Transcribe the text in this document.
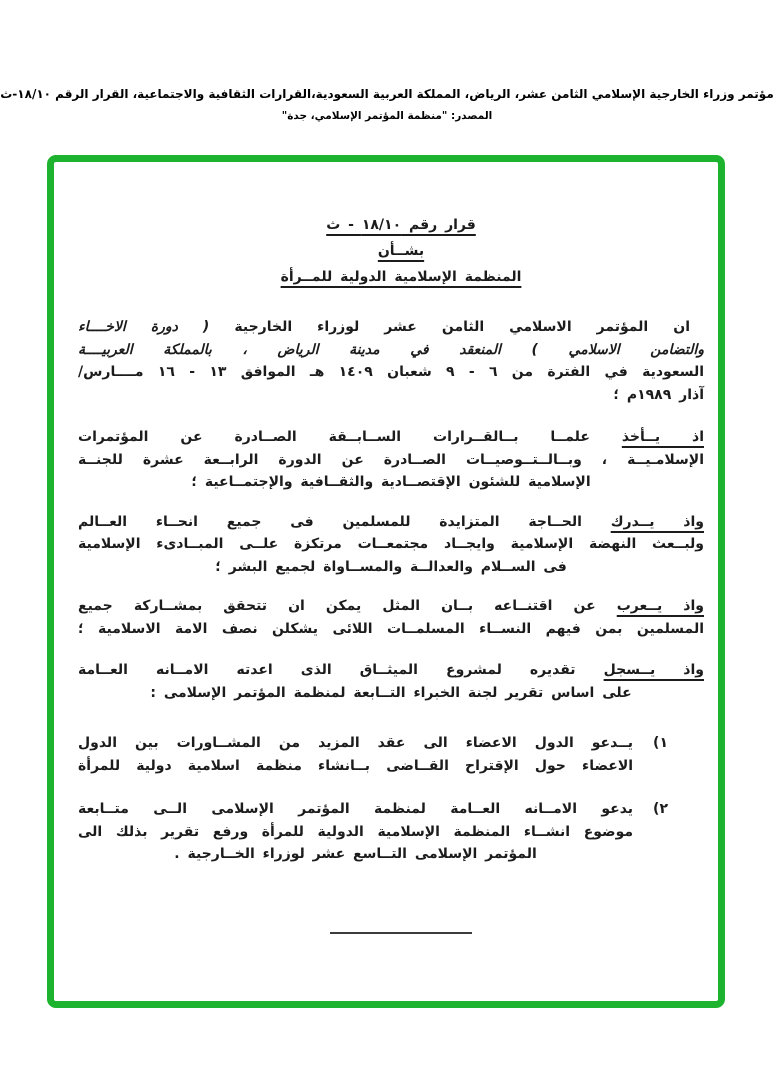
مؤتمر وزراء الخارجية الإسلامي الثامن عشر، الرياض، المملكة العربية السعودية،القرارات الثقافية والاجتماعية، القرار الرقم ١٨/١٠-ث
المصدر: "منظمة المؤتمر الإسلامي، جدة"
قرار رقم ١٨/١٠ - ث
بشــأن
المنظمة الإسلامية الدولية للمــرأة
ان المؤتمر الاسلامي الثامن عشر لوزراء الخارجية ( دورة الاخــــاء
والتضامن الاسلامي ) المنعقد في مدينة الرياض ، بالمملكة العربيــــة
السعودية في الفترة من ٦ - ٩ شعبان ١٤٠٩ هـ الموافق ١٣ - ١٦ مــــارس/
آذار ١٩٨٩م ؛
اذ يــأخذ علمــا بــالقــرارات الســابــقة الصــادرة عن المؤتمرات
الإسلامـيــة ، وبــالــتــوصيــات الصــادرة عن الدورة الرابــعة عشرة للجنــة
الإسلامية للشئون الإقتصــادية والثقــافية والإجتمــاعية ؛
واذ يــدرك الحــاجة المتزايدة للمسلمين فى جميع انحــاء العــالم
ولبــعث النهضة الإسلامية وايجــاد مجتمعــات مرتكزة علــى المبــادىء الإسلامية
فى الســلام والعدالــة والمســاواة لجميع البشر ؛
واذ يــعرب عن اقتنــاعه بــان المثل يمكن ان تتحقق بمشــاركة جميع
المسلمين بمن فيهم النســاء المسلمــات اللائى يشكلن نصف الامة الاسلامية ؛
واذ يــسجل تقديره لمشروع الميثــاق الذى اعدته الامــانه العــامة
على اساس تقرير لجنة الخبراء التــابعة لمنظمة المؤتمر الإسلامى :
١)
يــدعو الدول الاعضاء الى عقد المزيد من المشــاورات بين الدول
الاعضاء حول الإقتراح القــاضى بــانشاء منظمة اسلامية دولية للمرأة
٢)
يدعو الامــانه العــامة لمنظمة المؤتمر الإسلامى الــى متــابعة
موضوع انشــاء المنظمة الإسلامية الدولية للمرأة ورفع تقرير بذلك الى
المؤتمر الإسلامى التــاسع عشر لوزراء الخــارجية .
